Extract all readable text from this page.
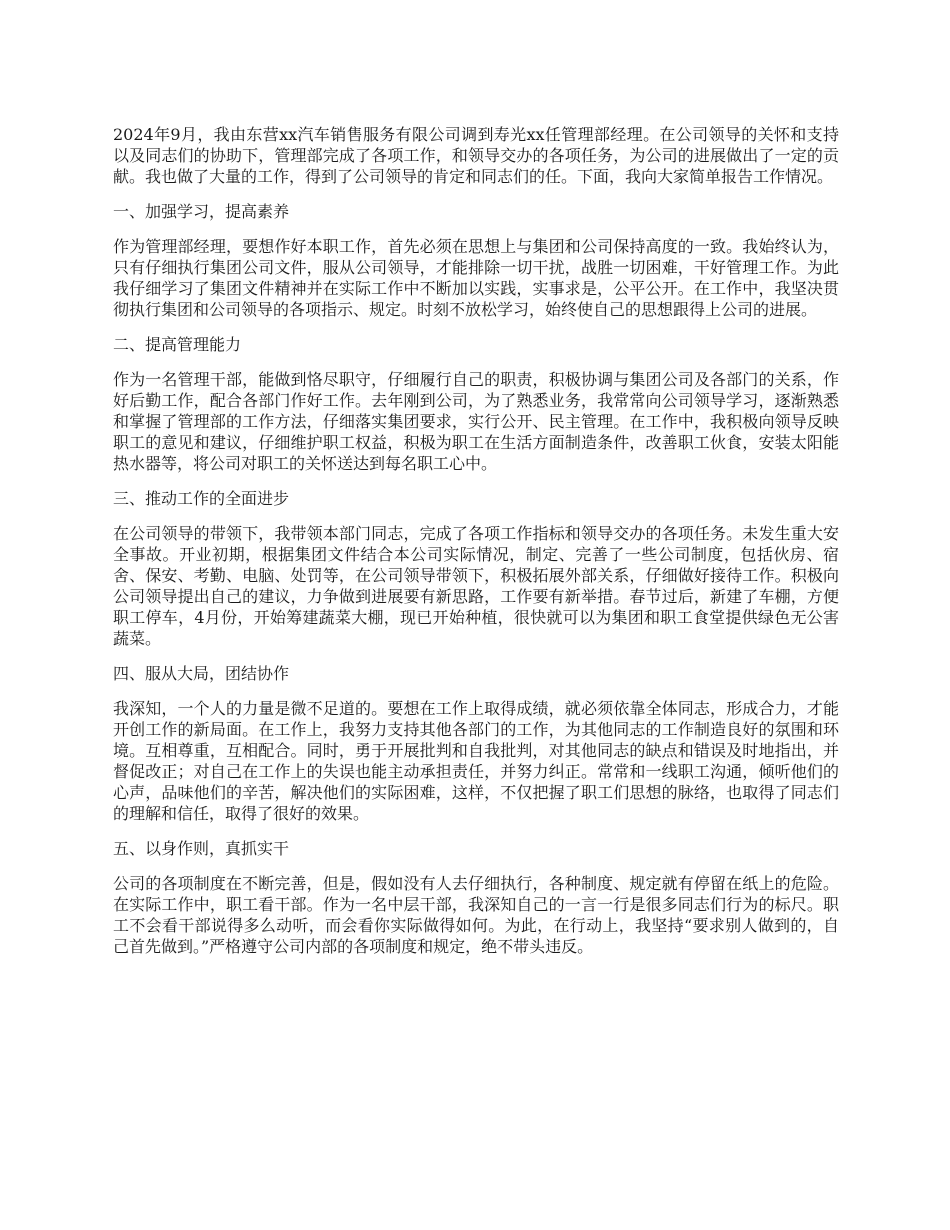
2024年9月，我由东营xx汽车销售服务有限公司调到寿光xx任管理部经理。在公司领导的关怀和支持以及同志们的协助下，管理部完成了各项工作，和领导交办的各项任务，为公司的进展做出了一定的贡献。我也做了大量的工作，得到了公司领导的肯定和同志们的任。下面，我向大家简单报告工作情况。

一、加强学习，提高素养

作为管理部经理，要想作好本职工作，首先必须在思想上与集团和公司保持高度的一致。我始终认为，只有仔细执行集团公司文件，服从公司领导，才能排除一切干扰，战胜一切困难，干好管理工作。为此我仔细学习了集团文件精神并在实际工作中不断加以实践，实事求是，公平公开。在工作中，我坚决贯彻执行集团和公司领导的各项指示、规定。时刻不放松学习，始终使自己的思想跟得上公司的进展。

二、提高管理能力

作为一名管理干部，能做到恪尽职守，仔细履行自己的职责，积极协调与集团公司及各部门的关系，作好后勤工作，配合各部门作好工作。去年刚到公司，为了熟悉业务，我常常向公司领导学习，逐渐熟悉和掌握了管理部的工作方法，仔细落实集团要求，实行公开、民主管理。在工作中，我积极向领导反映职工的意见和建议，仔细维护职工权益，积极为职工在生活方面制造条件，改善职工伙食，安装太阳能热水器等，将公司对职工的关怀送达到每名职工心中。

三、推动工作的全面进步

在公司领导的带领下，我带领本部门同志，完成了各项工作指标和领导交办的各项任务。未发生重大安全事故。开业初期，根据集团文件结合本公司实际情况，制定、完善了一些公司制度，包括伙房、宿舍、保安、考勤、电脑、处罚等，在公司领导带领下，积极拓展外部关系，仔细做好接待工作。积极向公司领导提出自己的建议，力争做到进展要有新思路，工作要有新举措。春节过后，新建了车棚，方便职工停车，4月份，开始筹建蔬菜大棚，现已开始种植，很快就可以为集团和职工食堂提供绿色无公害蔬菜。

四、服从大局，团结协作

我深知，一个人的力量是微不足道的。要想在工作上取得成绩，就必须依靠全体同志，形成合力，才能开创工作的新局面。在工作上，我努力支持其他各部门的工作，为其他同志的工作制造良好的氛围和环境。互相尊重，互相配合。同时，勇于开展批判和自我批判，对其他同志的缺点和错误及时地指出，并督促改正；对自己在工作上的失误也能主动承担责任，并努力纠正。常常和一线职工沟通，倾听他们的心声，品味他们的辛苦，解决他们的实际困难，这样，不仅把握了职工们思想的脉络，也取得了同志们的理解和信任，取得了很好的效果。

五、以身作则，真抓实干

公司的各项制度在不断完善，但是，假如没有人去仔细执行，各种制度、规定就有停留在纸上的危险。在实际工作中，职工看干部。作为一名中层干部，我深知自己的一言一行是很多同志们行为的标尺。职工不会看干部说得多么动听，而会看你实际做得如何。为此，在行动上，我坚持“要求别人做到的，自己首先做到。”严格遵守公司内部的各项制度和规定，绝不带头违反。
